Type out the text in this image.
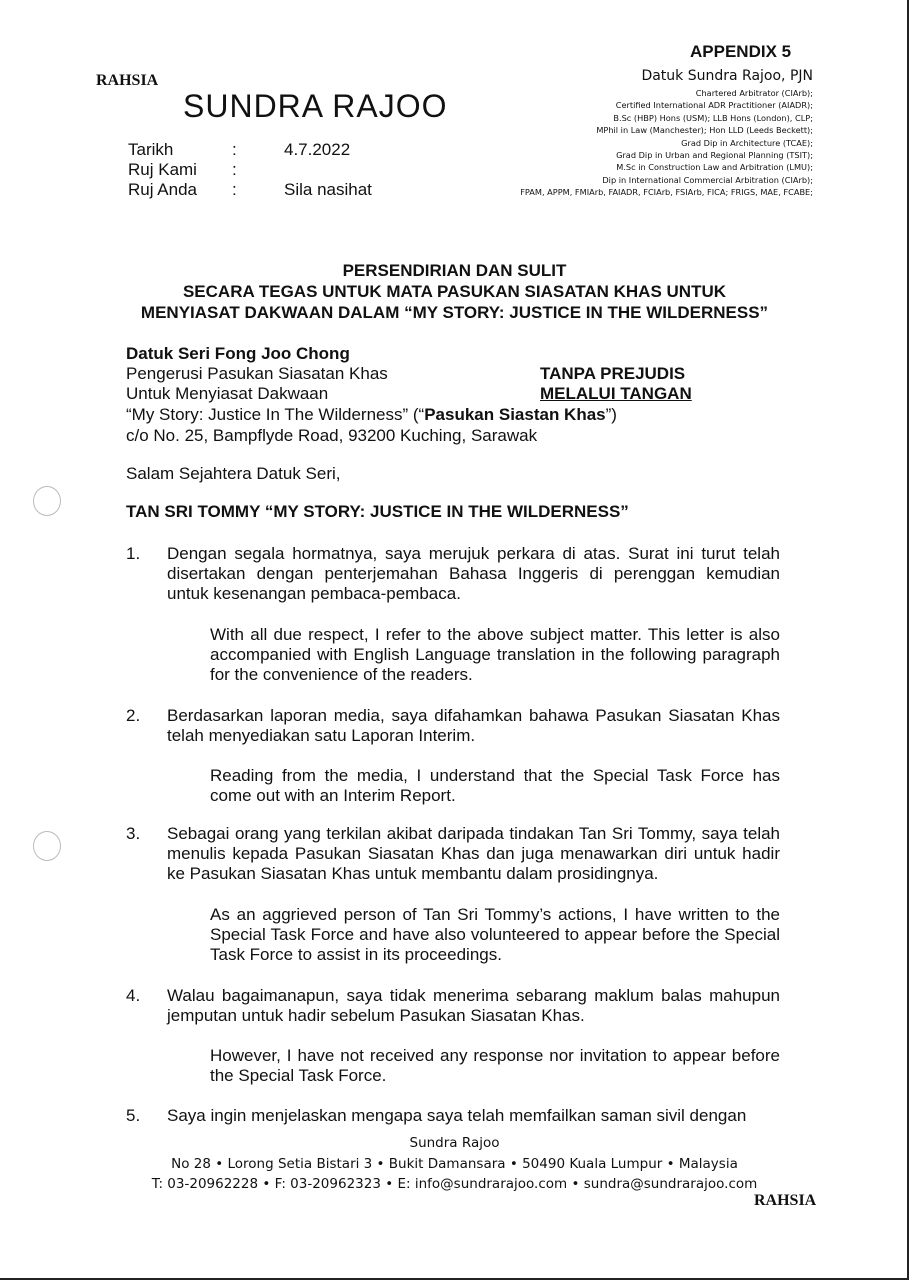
APPENDIX 5
RAHSIA
SUNDRA RAJOO
Tarikh	:	4.7.2022
Ruj Kami :
Ruj Anda :	Sila nasihat
Datuk Sundra Rajoo, PJN
Chartered Arbitrator (CIArb);
Certified International ADR Practitioner (AIADR);
B.Sc (HBP) Hons (USM); LLB Hons (London), CLP;
MPhil in Law (Manchester); Hon LLD (Leeds Beckett);
Grad Dip in Architecture (TCAE);
Grad Dip in Urban and Regional Planning (TSIT);
M.Sc in Construction Law and Arbitration (LMU);
Dip in International Commercial Arbitration (CIArb);
FPAM, APPM, FMIArb, FAIADR, FCIArb, FSIArb, FICA; FRIGS, MAE, FCABE;
PERSENDIRIAN DAN SULIT
SECARA TEGAS UNTUK MATA PASUKAN SIASATAN KHAS UNTUK
MENYIASAT DAKWAAN DALAM “MY STORY: JUSTICE IN THE WILDERNESS”
Datuk Seri Fong Joo Chong
Pengerusi Pasukan Siasatan Khas
Untuk Menyiasat Dakwaan
“My Story: Justice In The Wilderness” (“Pasukan Siastan Khas”)
c/o No. 25, Bampflyde Road, 93200 Kuching, Sarawak
TANPA PREJUDIS
MELALUI TANGAN
Salam Sejahtera Datuk Seri,
TAN SRI TOMMY “MY STORY: JUSTICE IN THE WILDERNESS”
1. Dengan segala hormatnya, saya merujuk perkara di atas. Surat ini turut telah disertakan dengan penterjemahan Bahasa Inggeris di perenggan kemudian untuk kesenangan pembaca-pembaca.
With all due respect, I refer to the above subject matter. This letter is also accompanied with English Language translation in the following paragraph for the convenience of the readers.
2. Berdasarkan laporan media, saya difahamkan bahawa Pasukan Siasatan Khas telah menyediakan satu Laporan Interim.
Reading from the media, I understand that the Special Task Force has come out with an Interim Report.
3. Sebagai orang yang terkilan akibat daripada tindakan Tan Sri Tommy, saya telah menulis kepada Pasukan Siasatan Khas dan juga menawarkan diri untuk hadir ke Pasukan Siasatan Khas untuk membantu dalam prosidingnya.
As an aggrieved person of Tan Sri Tommy’s actions, I have written to the Special Task Force and have also volunteered to appear before the Special Task Force to assist in its proceedings.
4. Walau bagaimanapun, saya tidak menerima sebarang maklum balas mahupun jemputan untuk hadir sebelum Pasukan Siasatan Khas.
However, I have not received any response nor invitation to appear before the Special Task Force.
5. Saya ingin menjelaskan mengapa saya telah memfailkan saman sivil dengan
Sundra Rajoo
No 28 • Lorong Setia Bistari 3 • Bukit Damansara • 50490 Kuala Lumpur • Malaysia
T: 03-20962228 • F: 03-20962323 • E: info@sundrarajoo.com • sundra@sundrarajoo.com
RAHSIA
